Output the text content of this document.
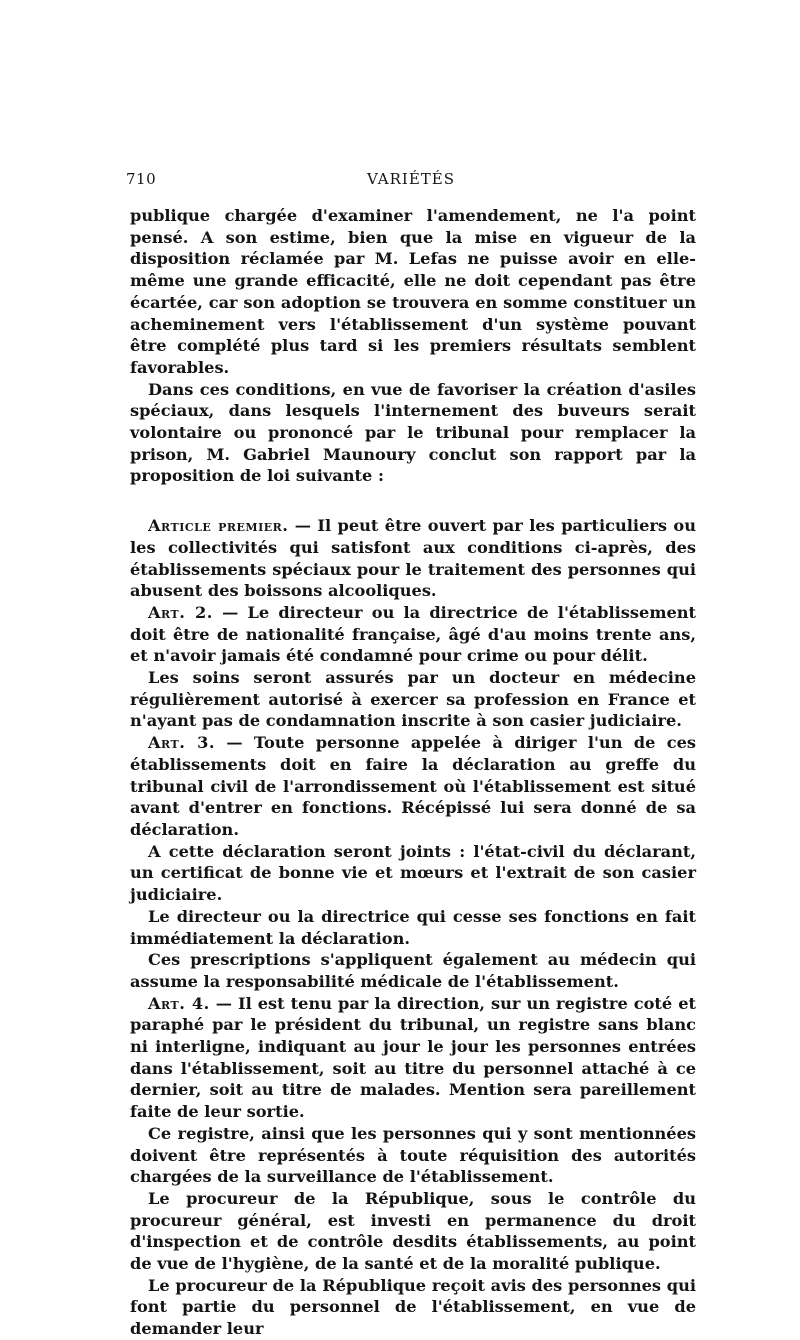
710	VARIÉTÉS

publique chargée d'examiner l'amendement, ne l'a point pensé. A son estime, bien que la mise en vigueur de la disposition réclamée par M. Lefas ne puisse avoir en elle-même une grande efficacité, elle ne doit cependant pas être écartée, car son adoption se trouvera en somme constituer un acheminement vers l'établissement d'un système pouvant être complété plus tard si les premiers résultats semblent favorables.

Dans ces conditions, en vue de favoriser la création d'asiles spéciaux, dans lesquels l'internement des buveurs serait volontaire ou prononcé par le tribunal pour remplacer la prison, M. Gabriel Maunoury conclut son rapport par la proposition de loi suivante :

Article premier. — Il peut être ouvert par les particuliers ou les collectivités qui satisfont aux conditions ci-après, des établissements spéciaux pour le traitement des personnes qui abusent des boissons alcooliques.

Art. 2. — Le directeur ou la directrice de l'établissement doit être de nationalité française, âgé d'au moins trente ans, et n'avoir jamais été condamné pour crime ou pour délit.

Les soins seront assurés par un docteur en médecine régulièrement autorisé à exercer sa profession en France et n'ayant pas de condamnation inscrite à son casier judiciaire.

Art. 3. — Toute personne appelée à diriger l'un de ces établissements doit en faire la déclaration au greffe du tribunal civil de l'arrondissement où l'établissement est situé avant d'entrer en fonctions. Récépissé lui sera donné de sa déclaration.

A cette déclaration seront joints : l'état-civil du déclarant, un certificat de bonne vie et mœurs et l'extrait de son casier judiciaire.

Le directeur ou la directrice qui cesse ses fonctions en fait immédiatement la déclaration.

Ces prescriptions s'appliquent également au médecin qui assume la responsabilité médicale de l'établissement.

Art. 4. — Il est tenu par la direction, sur un registre coté et paraphé par le président du tribunal, un registre sans blanc ni interligne, indiquant au jour le jour les personnes entrées dans l'établissement, soit au titre du personnel attaché à ce dernier, soit au titre de malades. Mention sera pareillement faite de leur sortie.

Ce registre, ainsi que les personnes qui y sont mentionnées doivent être représentés à toute réquisition des autorités chargées de la surveillance de l'établissement.

Le procureur de la République, sous le contrôle du procureur général, est investi en permanence du droit d'inspection et de contrôle desdits établissements, au point de vue de l'hygiène, de la santé et de la moralité publique.

Le procureur de la République reçoit avis des personnes qui font partie du personnel de l'établissement, en vue de demander leur
